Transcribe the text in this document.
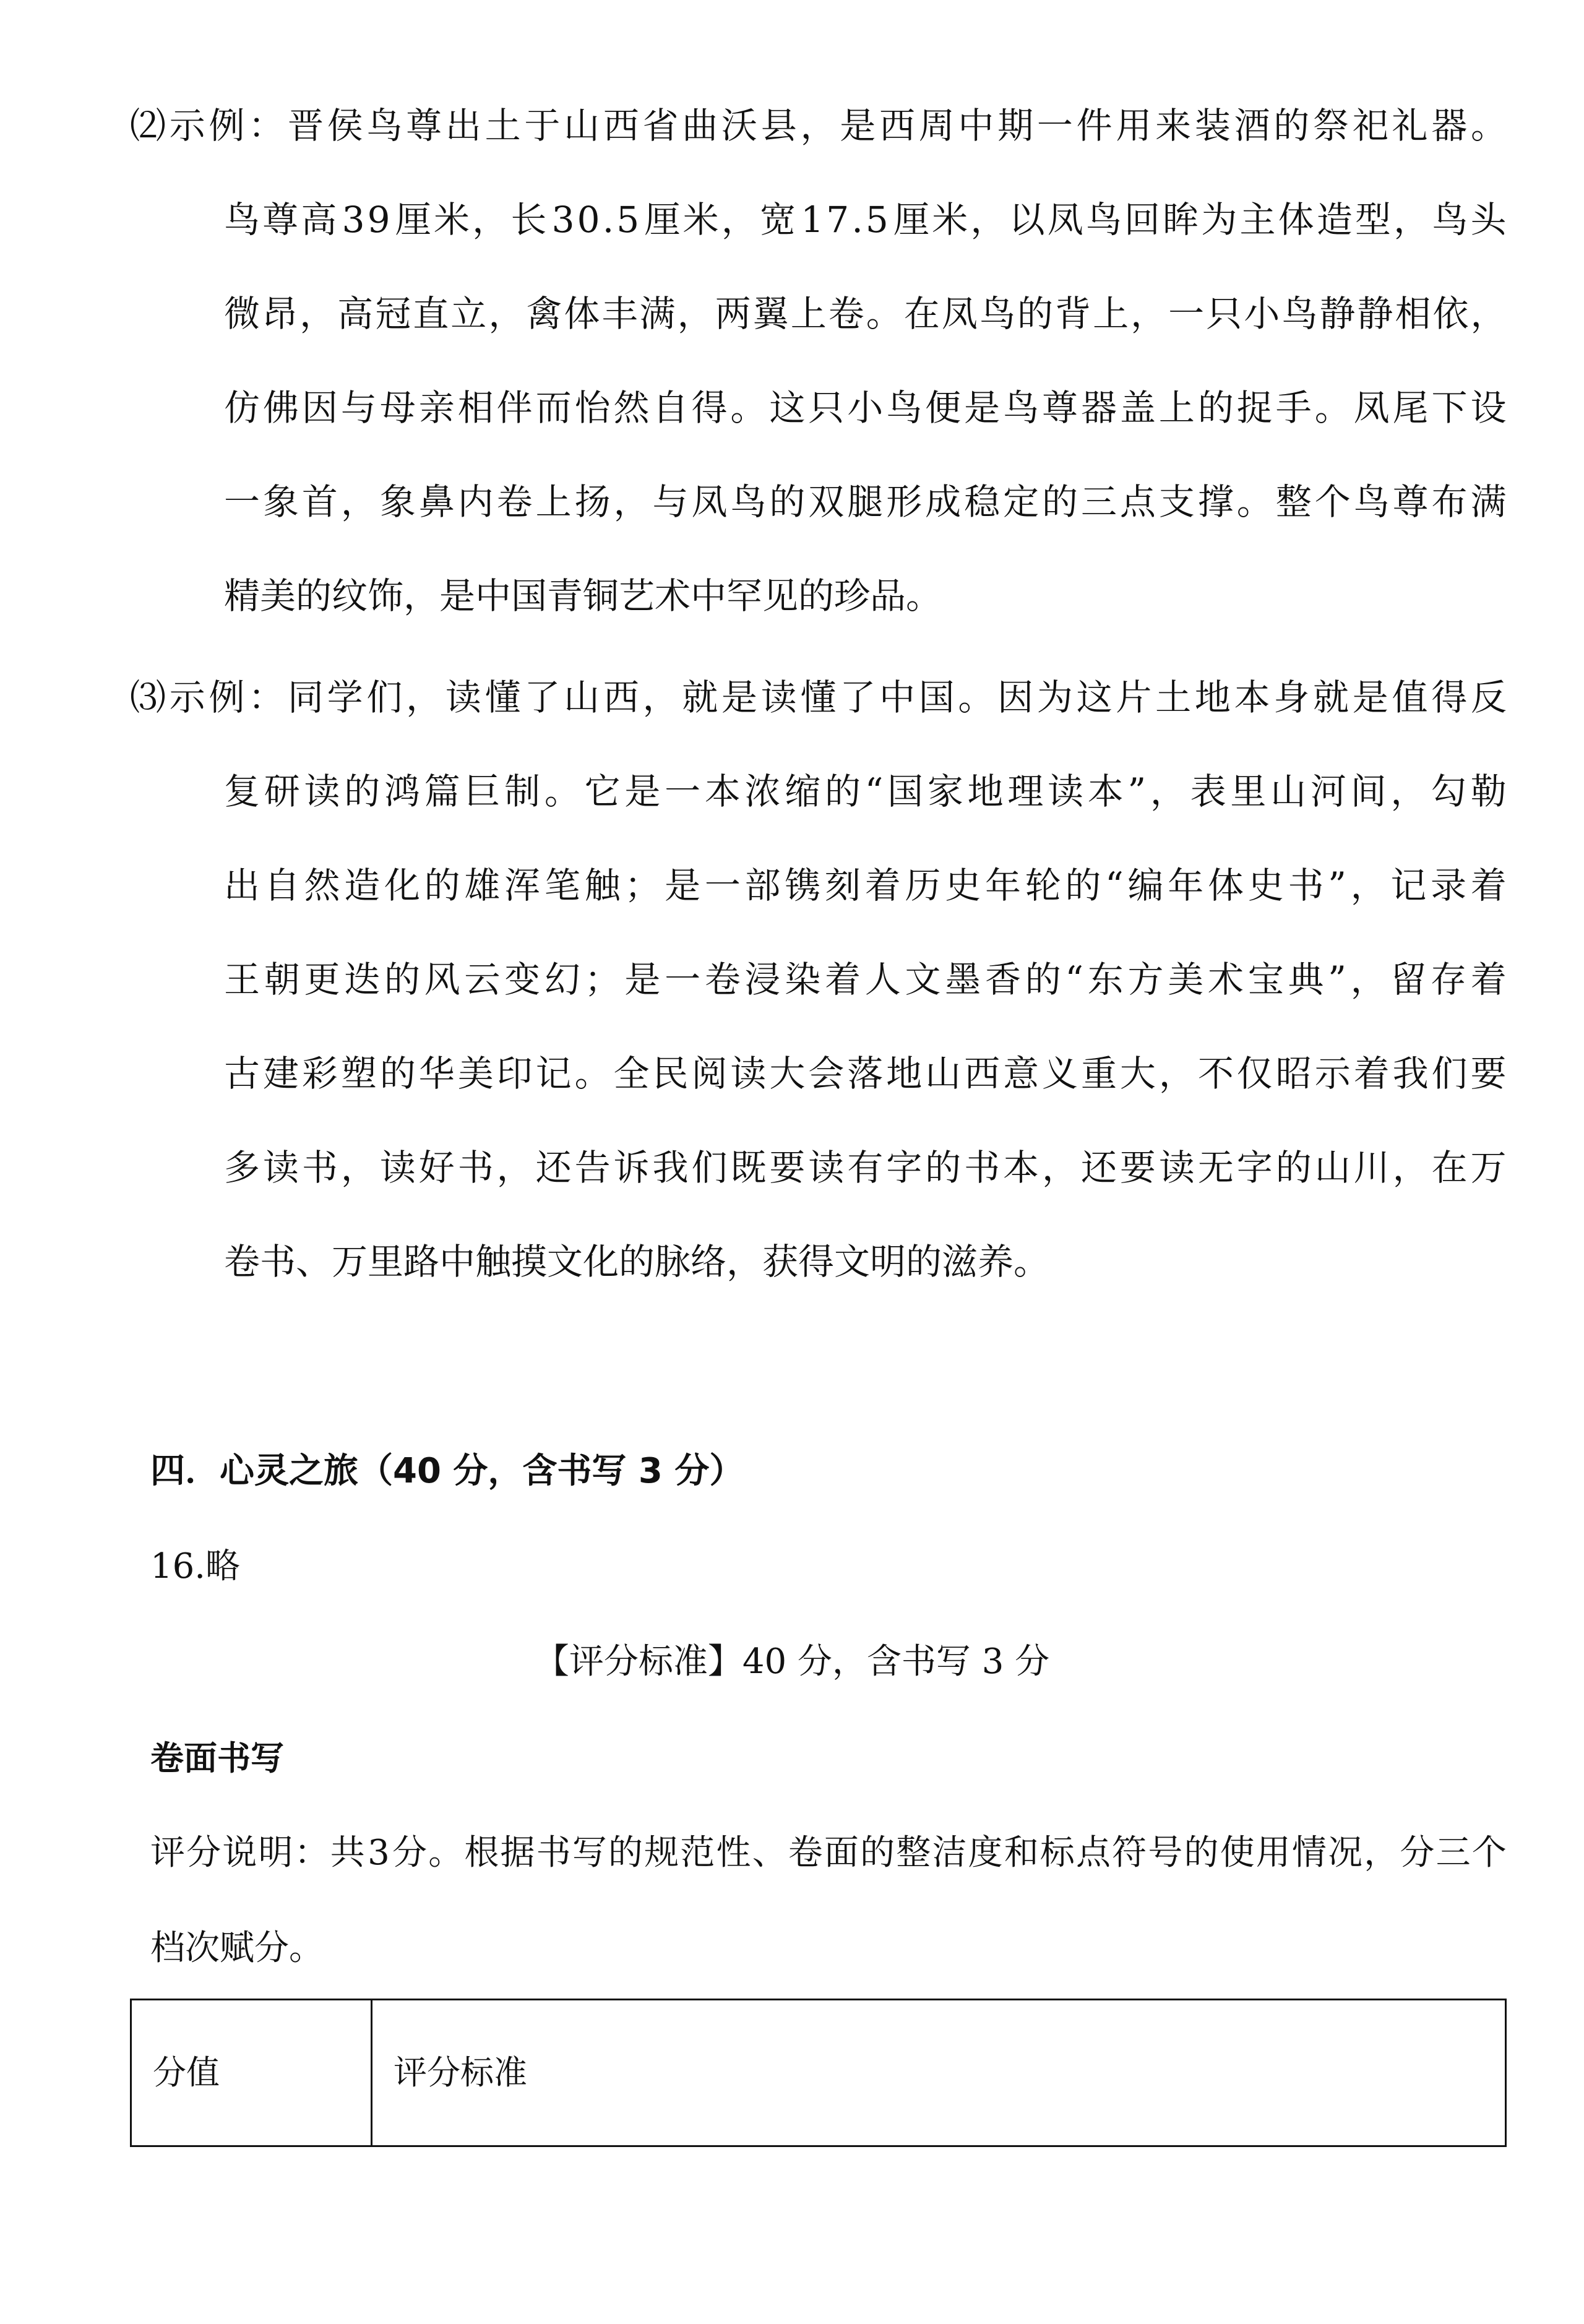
⑵ 示 例 ： 晋 侯 鸟 尊 出 土 于 山 西 省 曲 沃 县 ， 是 西 周 中 期 一 件 用 来 装 酒 的 祭 祀 礼 器 。
鸟 尊 高 3 9 厘 米 ， 长 3 0 . 5 厘 米 ， 宽 1 7 . 5 厘 米 ， 以 凤 鸟 回 眸 为 主 体 造 型 ， 鸟 头
微 昂 ， 高 冠 直 立 ， 禽 体 丰 满 ， 两 翼 上 卷 。 在 凤 鸟 的 背 上 ， 一 只 小 鸟 静 静 相 依 ，
仿 佛 因 与 母 亲 相 伴 而 怡 然 自 得 。 这 只 小 鸟 便 是 鸟 尊 器 盖 上 的 捉 手 。 凤 尾 下 设
一 象 首 ， 象 鼻 内 卷 上 扬 ， 与 凤 鸟 的 双 腿 形 成 稳 定 的 三 点 支 撑 。 整 个 鸟 尊 布 满
精美的纹饰，是中国青铜艺术中罕见的珍品。
⑶ 示 例 ： 同 学 们 ， 读 懂 了 山 西 ， 就 是 读 懂 了 中 国 。 因 为 这 片 土 地 本 身 就 是 值 得 反
复 研 读 的 鸿 篇 巨 制 。 它 是 一 本 浓 缩 的 “ 国 家 地 理 读 本 ” ， 表 里 山 河 间 ， 勾 勒
出 自 然 造 化 的 雄 浑 笔 触 ； 是 一 部 镌 刻 着 历 史 年 轮 的 “ 编 年 体 史 书 ” ， 记 录 着
王 朝 更 迭 的 风 云 变 幻 ； 是 一 卷 浸 染 着 人 文 墨 香 的 “ 东 方 美 术 宝 典 ” ， 留 存 着
古 建 彩 塑 的 华 美 印 记 。 全 民 阅 读 大 会 落 地 山 西 意 义 重 大 ， 不 仅 昭 示 着 我 们 要
多 读 书 ， 读 好 书 ， 还 告 诉 我 们 既 要 读 有 字 的 书 本 ， 还 要 读 无 字 的 山 川 ， 在 万
卷书、万里路中触摸文化的脉络，获得文明的滋养。
四．心灵之旅（40 分，含书写 3 分）
16.略
【评分标准】40 分，含书写 3 分
卷面书写
评 分 说 明 ： 共 3 分 。 根 据 书 写 的 规 范 性 、 卷 面 的 整 洁 度 和 标 点 符 号 的 使 用 情 况 ， 分 三 个
档次赋分。
分值	评分标准
